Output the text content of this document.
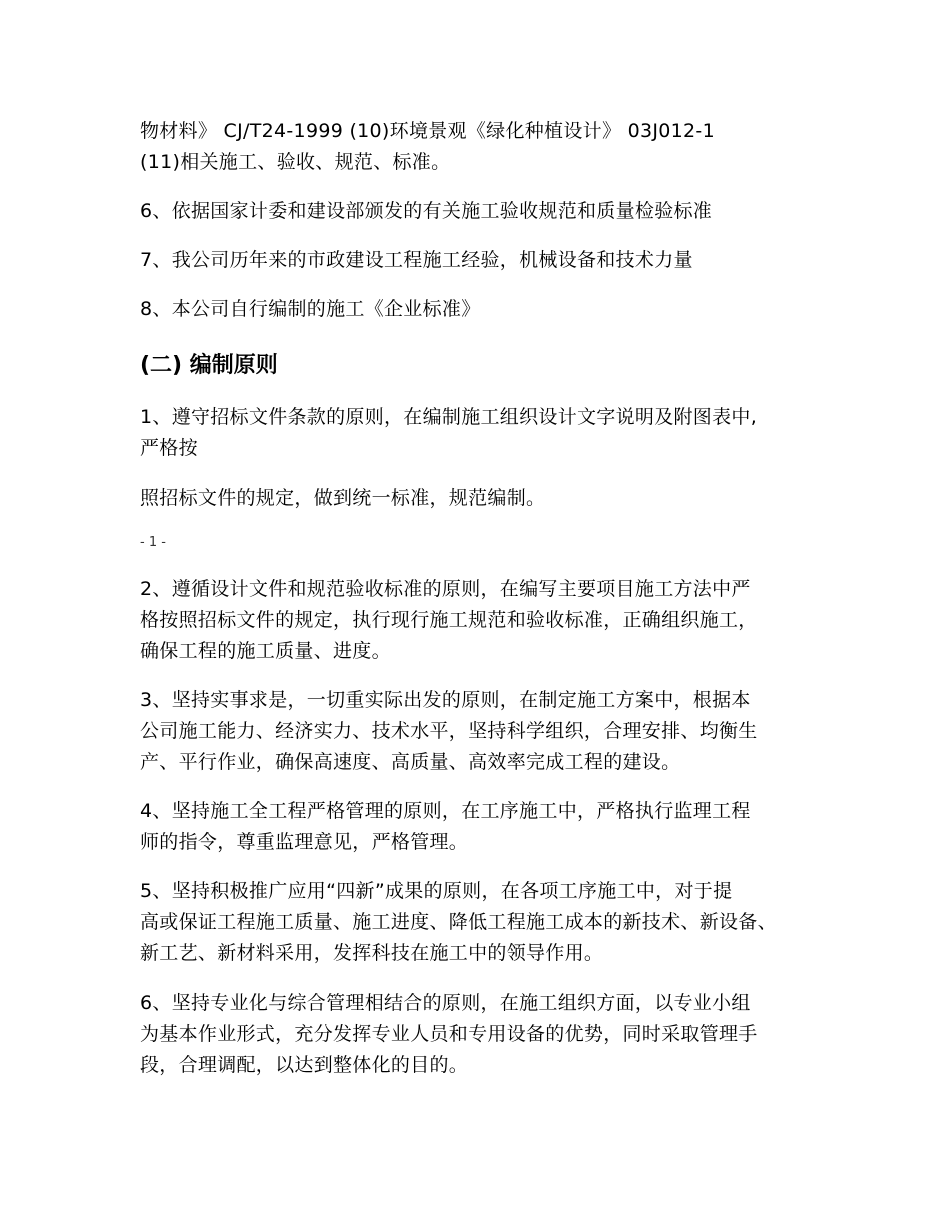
物材料》 CJ/T24-1999 (10)环境景观《绿化种植设计》 03J012-1

(11)相关施工、验收、规范、标准。

6、依据国家计委和建设部颁发的有关施工验收规范和质量检验标准

7、我公司历年来的市政建设工程施工经验，机械设备和技术力量

8、本公司自行编制的施工《企业标准》

(二) 编制原则

1、遵守招标文件条款的原则，在编制施工组织设计文字说明及附图表中,

严格按

照招标文件的规定，做到统一标准，规范编制。

- 1 -

2、遵循设计文件和规范验收标准的原则，在编写主要项目施工方法中严

格按照招标文件的规定，执行现行施工规范和验收标准，正确组织施工，

确保工程的施工质量、进度。

3、坚持实事求是，一切重实际出发的原则，在制定施工方案中，根据本

公司施工能力、经济实力、技术水平，坚持科学组织，合理安排、均衡生

产、平行作业，确保高速度、高质量、高效率完成工程的建设。

4、坚持施工全工程严格管理的原则，在工序施工中，严格执行监理工程

师的指令，尊重监理意见，严格管理。

5、坚持积极推广应用“四新”成果的原则，在各项工序施工中，对于提

高或保证工程施工质量、施工进度、降低工程施工成本的新技术、新设备、

新工艺、新材料采用，发挥科技在施工中的领导作用。

6、坚持专业化与综合管理相结合的原则，在施工组织方面，以专业小组

为基本作业形式，充分发挥专业人员和专用设备的优势，同时采取管理手

段，合理调配，以达到整体化的目的。
